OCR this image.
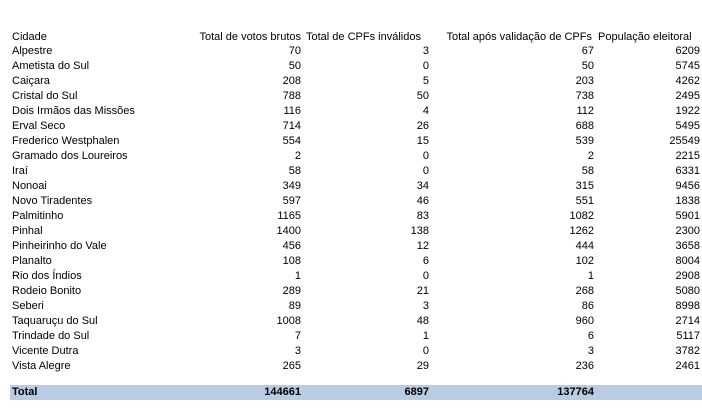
Cidade	Total de votos brutos	Total de CPFs inválidos	Total após validação de CPFs	População eleitoral
Alpestre	70	3	67	6209
Ametista do Sul	50	0	50	5745
Caiçara	208	5	203	4262
Cristal do Sul	788	50	738	2495
Dois Irmãos das Missões	116	4	112	1922
Erval Seco	714	26	688	5495
Frederico Westphalen	554	15	539	25549
Gramado dos Loureiros	2	0	2	2215
Iraí	58	0	58	6331
Nonoai	349	34	315	9456
Novo Tiradentes	597	46	551	1838
Palmitinho	1165	83	1082	5901
Pinhal	1400	138	1262	2300
Pinheirinho do Vale	456	12	444	3658
Planalto	108	6	102	8004
Rio dos Índios	1	0	1	2908
Rodeio Bonito	289	21	268	5080
Seberi	89	3	86	8998
Taquaruçu do Sul	1008	48	960	2714
Trindade do Sul	7	1	6	5117
Vicente Dutra	3	0	3	3782
Vista Alegre	265	29	236	2461

Total	144661	6897	137764	
